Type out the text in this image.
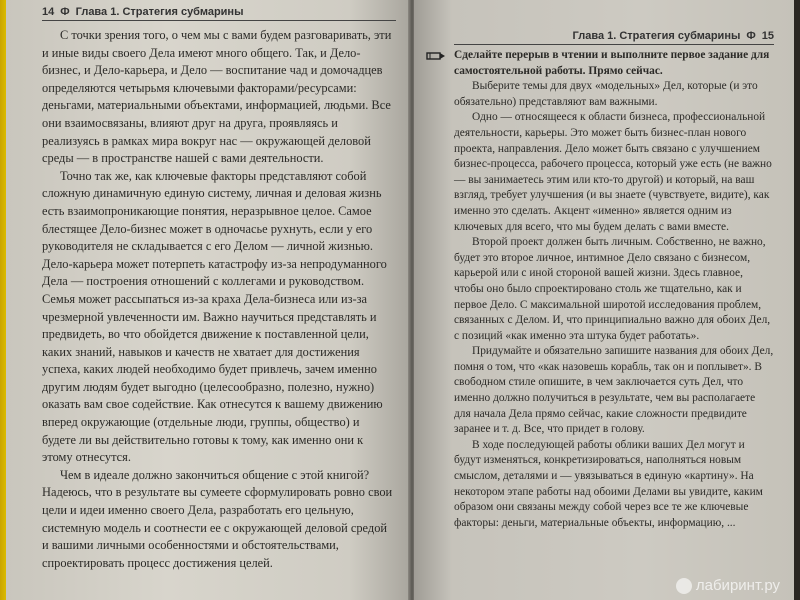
14 Ф Глава 1. Стратегия субмарины

С точки зрения того, о чем мы с вами будем разговаривать, эти и иные виды своего Дела имеют много общего. Так, и Дело-бизнес, и Дело-карьера, и Дело — воспитание чад и домочадцев определяются четырьмя ключевыми факторами/ресурсами: деньгами, материальными объектами, информацией, людьми. Все они взаимосвязаны, влияют друг на друга, проявляясь и реализуясь в рамках мира вокруг нас — окружающей деловой среды — в пространстве нашей с вами деятельности.

Точно так же, как ключевые факторы представляют собой сложную динамичную единую систему, личная и деловая жизнь есть взаимопроникающие понятия, неразрывное целое. Самое блестящее Дело-бизнес может в одночасье рухнуть, если у его руководителя не складывается с его Делом — личной жизнью. Дело-карьера может потерпеть катастрофу из-за непродуманного Дела — построения отношений с коллегами и руководством. Семья может рассыпаться из-за краха Дела-бизнеса или из-за чрезмерной увлеченности им. Важно научиться представлять и предвидеть, во что обойдется движение к поставленной цели, каких знаний, навыков и качеств не хватает для достижения успеха, каких людей необходимо будет привлечь, зачем именно другим людям будет выгодно (целесообразно, полезно, нужно) оказать вам свое содействие. Как отнесутся к вашему движению вперед окружающие (отдельные люди, группы, общество) и будете ли вы действительно готовы к тому, как именно они к этому отнесутся.

Чем в идеале должно закончиться общение с этой книгой? Надеюсь, что в результате вы сумеете сформулировать ровно свои цели и идеи именно своего Дела, разработать его цельную, системную модель и соотнести ее с окружающей деловой средой и вашими личными особенностями и обстоятельствами, спроектировать процесс достижения целей.

Глава 1. Стратегия субмарины Ф 15

Сделайте перерыв в чтении и выполните первое задание для самостоятельной работы. Прямо сейчас.

Выберите темы для двух «модельных» Дел, которые (и это обязательно) представляют вам важными.

Одно — относящееся к области бизнеса, профессиональной деятельности, карьеры. Это может быть бизнес-план нового проекта, направления. Дело может быть связано с улучшением бизнес-процесса, рабочего процесса, который уже есть (не важно — вы занимаетесь этим или кто-то другой) и который, на ваш взгляд, требует улучшения (и вы знаете (чувствуете, видите), как именно это сделать. Акцент «именно» является одним из ключевых для всего, что мы будем делать с вами вместе.

Второй проект должен быть личным. Собственно, не важно, будет это второе личное, интимное Дело связано с бизнесом, карьерой или с иной стороной вашей жизни. Здесь главное, чтобы оно было спроектировано столь же тщательно, как и первое Дело. С максимальной широтой исследования проблем, связанных с Делом. И, что принципиально важно для обоих Дел, с позиций «как именно эта штука будет работать».

Придумайте и обязательно запишите названия для обоих Дел, помня о том, что «как назовешь корабль, так он и поплывет». В свободном стиле опишите, в чем заключается суть Дел, что именно должно получиться в результате, чем вы располагаете для начала Дела прямо сейчас, какие сложности предвидите заранее и т. д. Все, что придет в голову.

В ходе последующей работы облики ваших Дел могут и будут изменяться, конкретизироваться, наполняться новым смыслом, деталями и — увязываться в единую «картину». На некотором этапе работы над обоими Делами вы увидите, каким образом они связаны между собой через все те же ключевые факторы: деньги, материальные объекты, информацию, ...

лабиринт.ру
